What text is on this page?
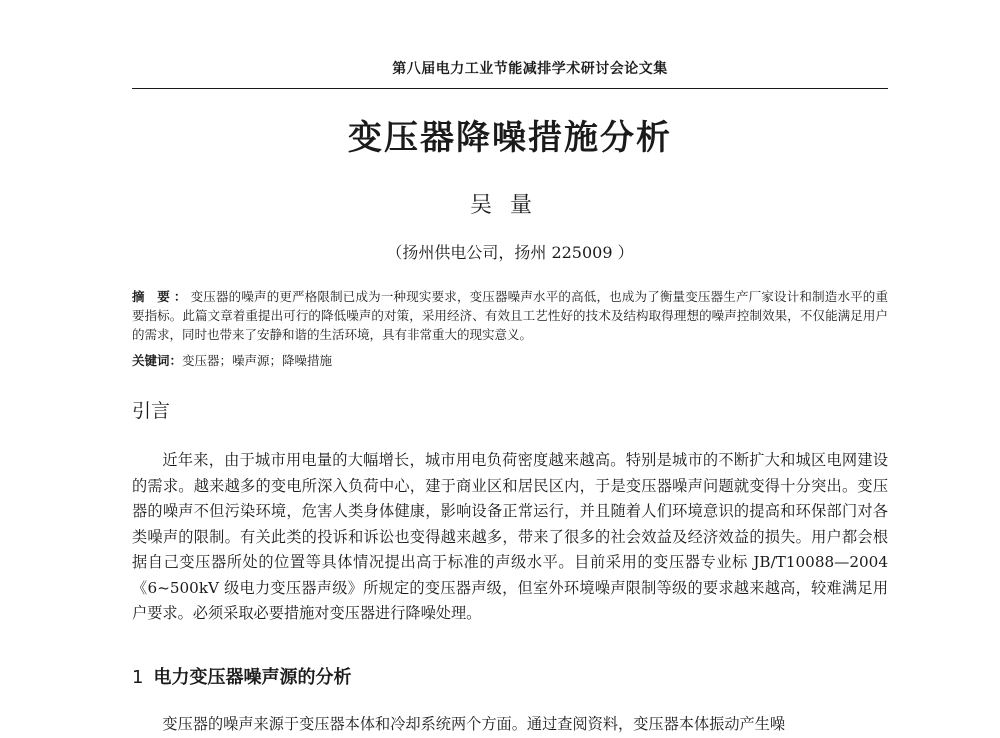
第八届电力工业节能减排学术研讨会论文集
变压器降噪措施分析
吴量
（扬州供电公司，扬州 225009 ）
摘 要：变压器的噪声的更严格限制已成为一种现实要求，变压器噪声水平的高低，也成为了衡量变压器生产厂家设计和制造水平的重要指标。此篇文章着重提出可行的降低噪声的对策，采用经济、有效且工艺性好的技术及结构取得理想的噪声控制效果，不仅能满足用户的需求，同时也带来了安静和谐的生活环境，具有非常重大的现实意义。
关键词：变压器；噪声源；降噪措施
引言
近年来，由于城市用电量的大幅增长，城市用电负荷密度越来越高。特别是城市的不断扩大和城区电网建设的需求。越来越多的变电所深入负荷中心，建于商业区和居民区内，于是变压器噪声问题就变得十分突出。变压器的噪声不但污染环境，危害人类身体健康，影响设备正常运行，并且随着人们环境意识的提高和环保部门对各类噪声的限制。有关此类的投诉和诉讼也变得越来越多，带来了很多的社会效益及经济效益的损失。用户都会根据自己变压器所处的位置等具体情况提出高于标准的声级水平。目前采用的变压器专业标 JB/T10088—2004《6~500kV 级电力变压器声级》所规定的变压器声级，但室外环境噪声限制等级的要求越来越高，较难满足用户要求。必须采取必要措施对变压器进行降噪处理。
1 电力变压器噪声源的分析
变压器的噪声来源于变压器本体和冷却系统两个方面。通过查阅资料，变压器本体振动产生噪
